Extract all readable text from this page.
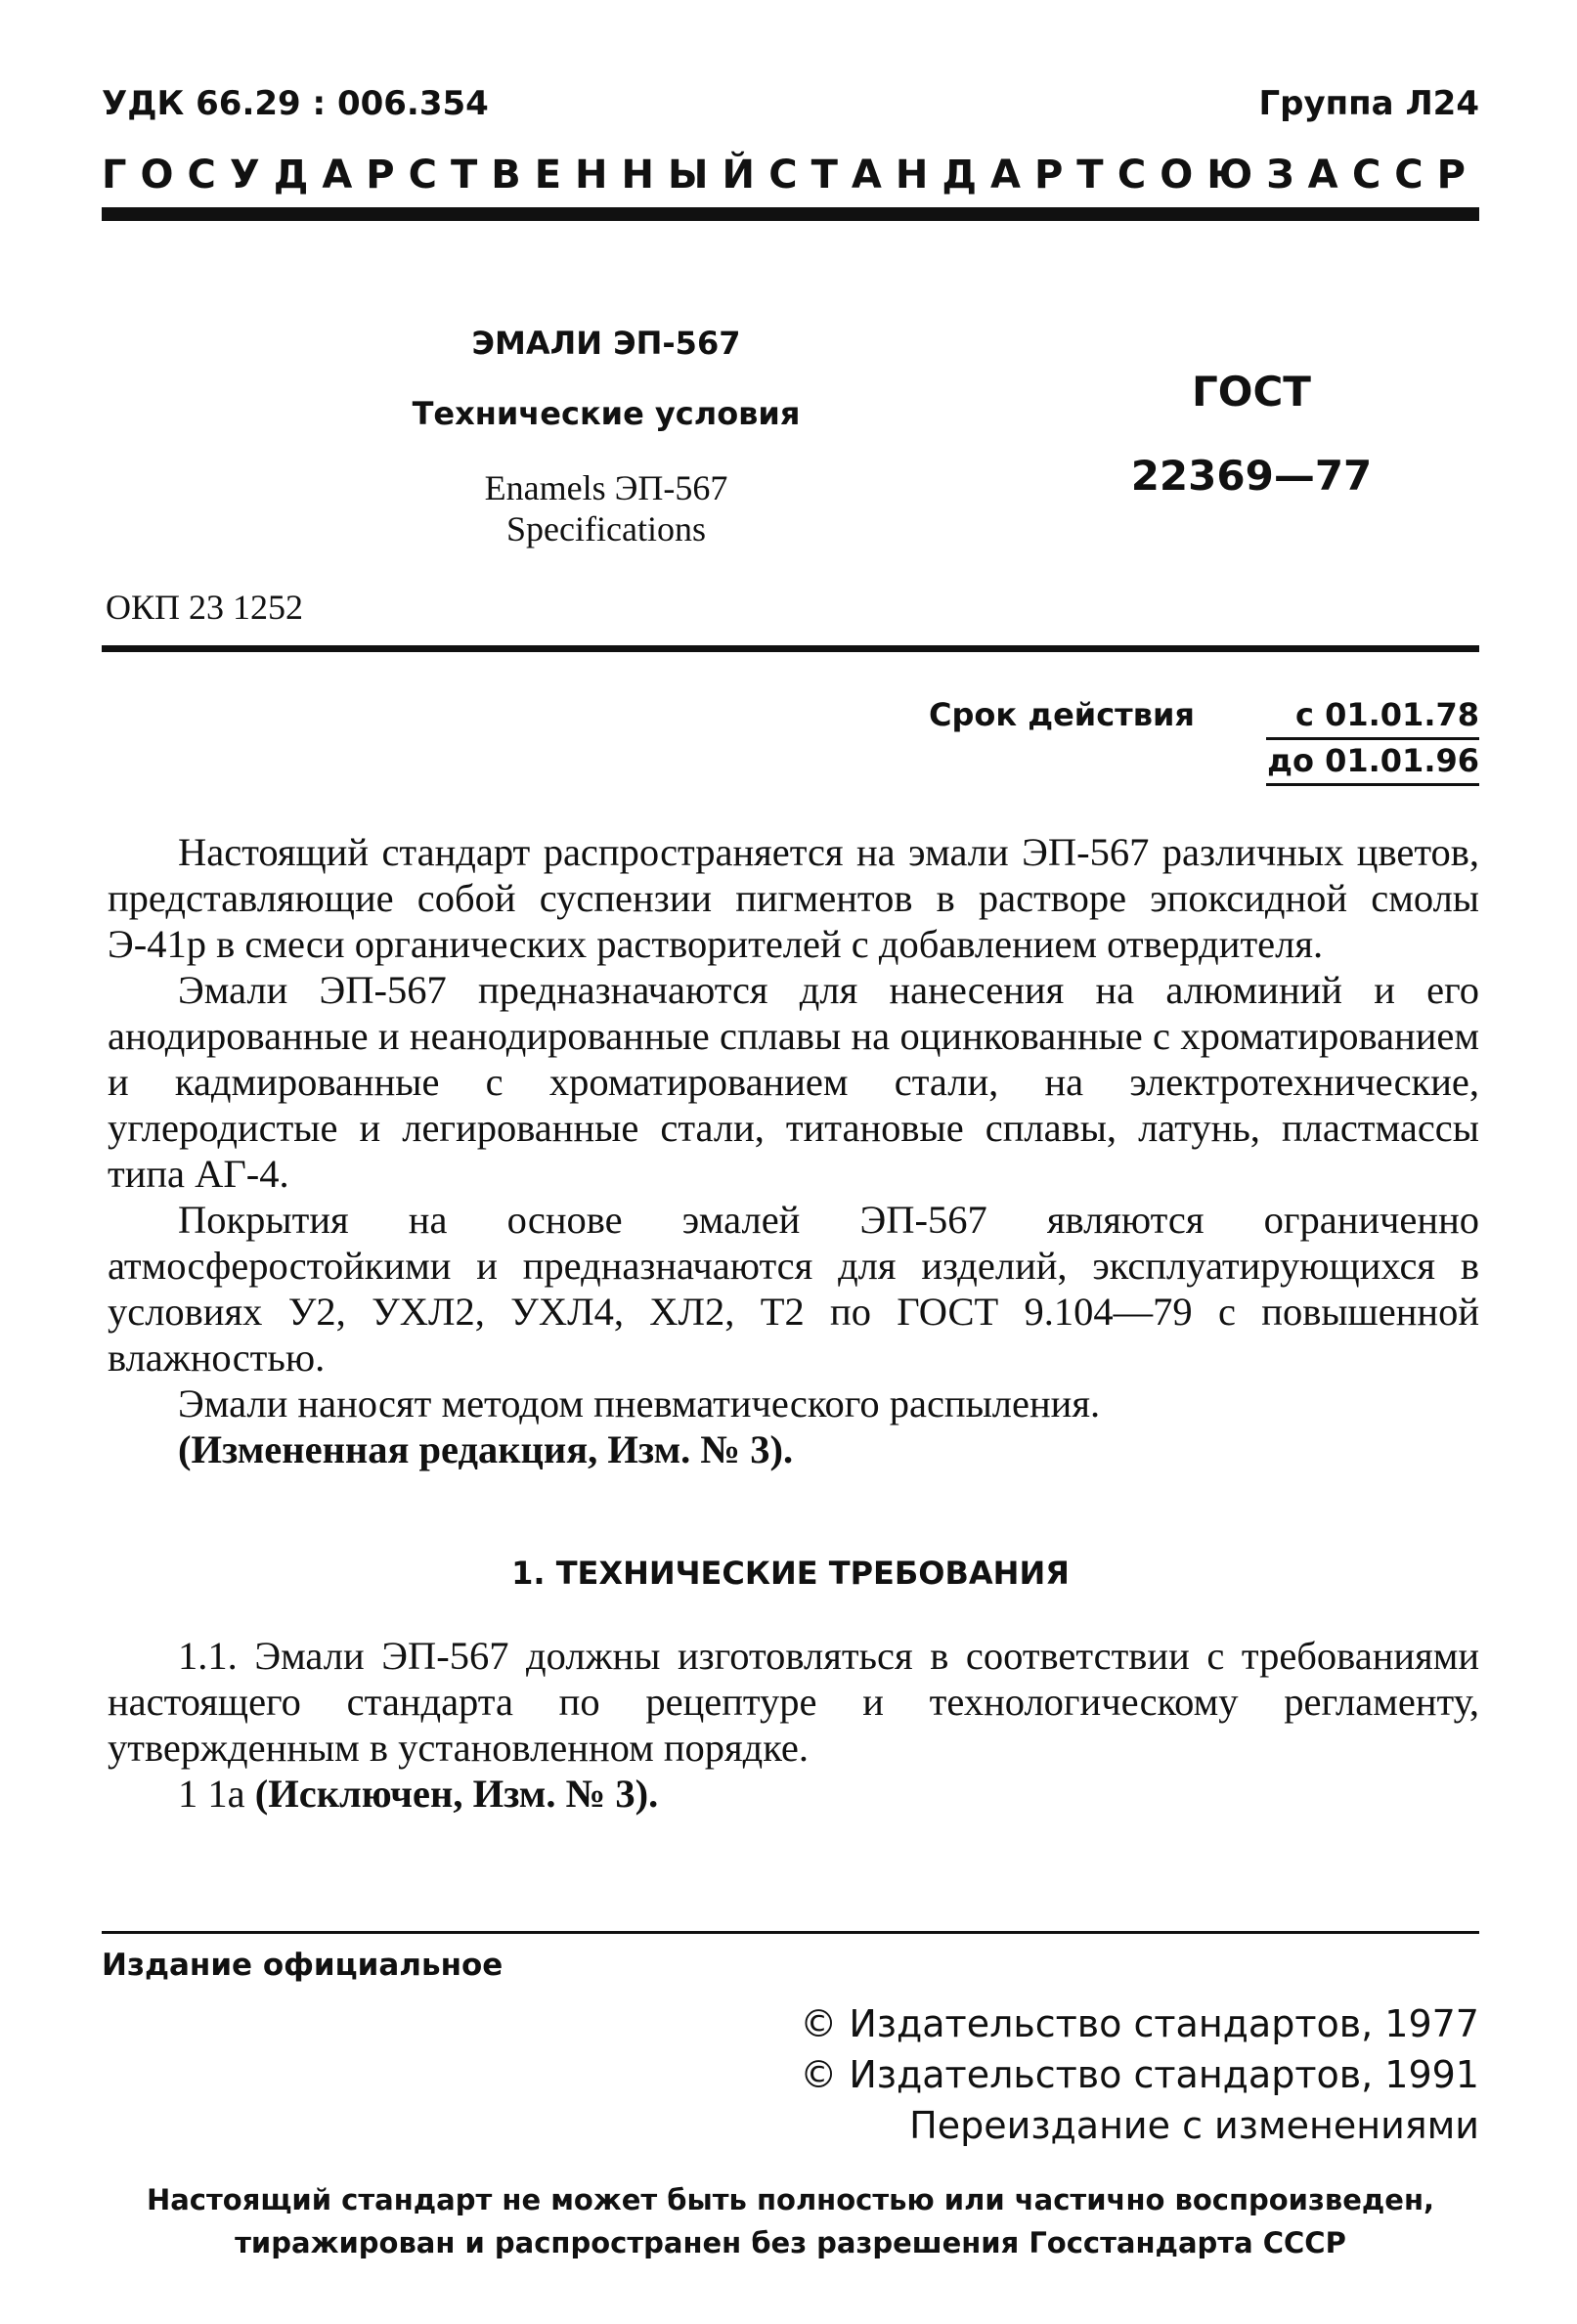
УДК 66.29 : 006.354	Группа Л24
ГОСУДАРСТВЕННЫЙ СТАНДАРТ СОЮЗА ССР
ЭМАЛИ ЭП-567
Технические условия
Enamels ЭП-567
Specifications
ГОСТ
22369—77
ОКП 23 1252
Срок действия	с 01.01.78
до 01.01.96

Настоящий стандарт распространяется на эмали ЭП-567 различных цветов, представляющие собой суспензии пигментов в растворе эпоксидной смолы Э-41р в смеси органических растворителей с добавлением отвердителя.

Эмали ЭП-567 предназначаются для нанесения на алюминий и его анодированные и неанодированные сплавы на оцинкованные с хроматированием и кадмированные с хроматированием стали, на электротехнические, углеродистые и легированные стали, титановые сплавы, латунь, пластмассы типа АГ-4.

Покрытия на основе эмалей ЭП-567 являются ограниченно атмосферостойкими и предназначаются для изделий, эксплуатирующихся в условиях У2, УХЛ2, УХЛ4, ХЛ2, Т2 по ГОСТ 9.104—79 с повышенной влажностью.

Эмали наносят методом пневматического распыления.

(Измененная редакция, Изм. № 3).

1. ТЕХНИЧЕСКИЕ ТРЕБОВАНИЯ

1.1. Эмали ЭП-567 должны изготовляться в соответствии с требованиями настоящего стандарта по рецептуре и технологическому регламенту, утвержденным в установленном порядке.

1 1а (Исключен, Изм. № 3).

Издание официальное
© Издательство стандартов, 1977
© Издательство стандартов, 1991
Переиздание с изменениями
Настоящий стандарт не может быть полностью или частично воспроизведен,
тиражирован и распространен без разрешения Госстандарта СССР
